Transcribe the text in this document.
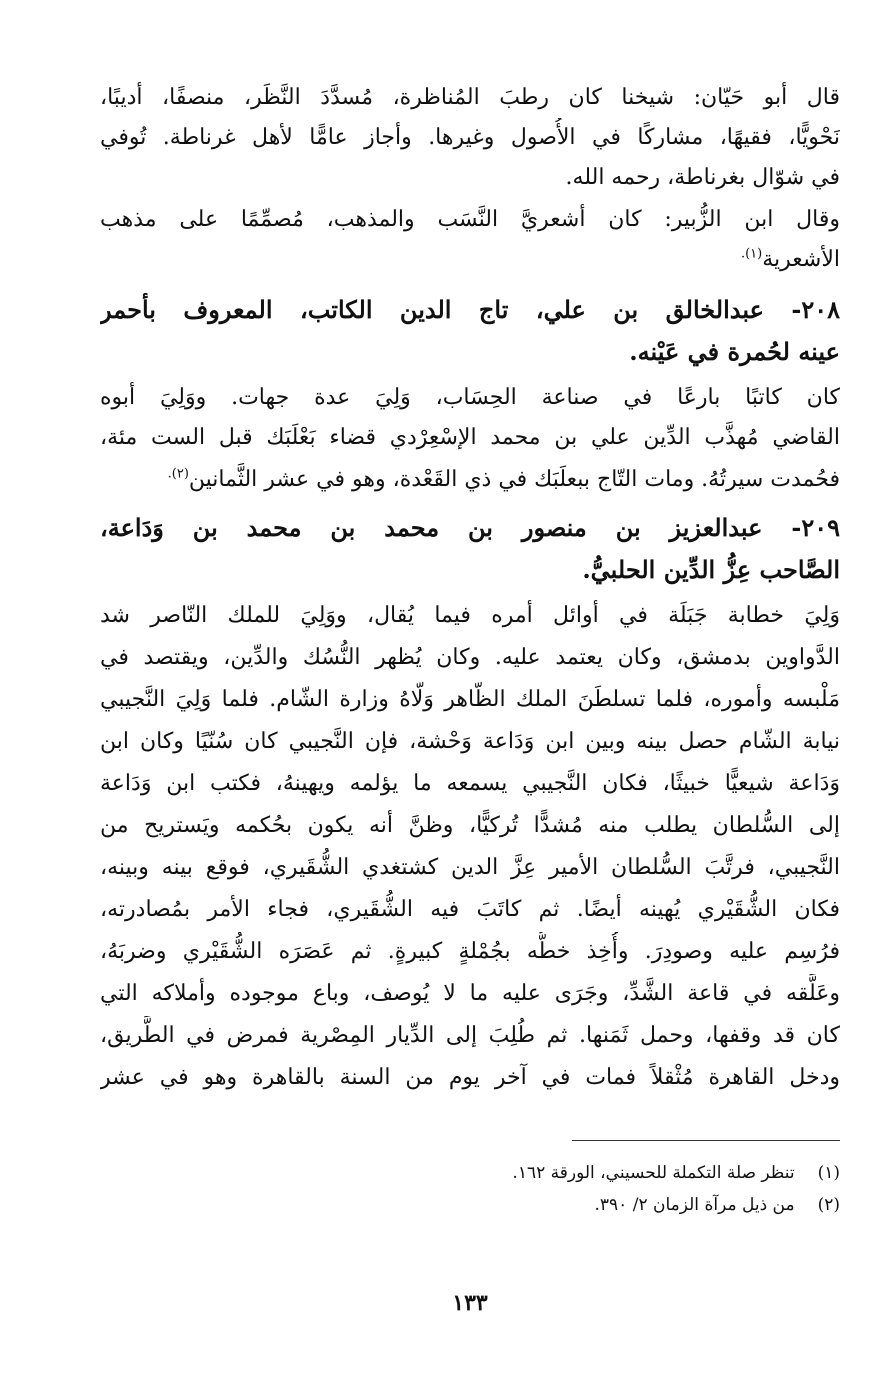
قال أبو حَيّان: شيخنا كان رطبَ المُناظرة، مُسدَّدَ النَّظَر، منصفًا، أديبًا،
نَحْويًّا، فقيهًا، مشاركًا في الأُصول وغيرها. وأجاز عامًّا لأهل غرناطة. تُوفي
في شوّال بغرناطة، رحمه الله.
وقال ابن الزُّبير: كان أشعريَّ النَّسَب والمذهب، مُصمِّمًا على مذهب
الأشعرية$^{(١).}$
٢٠٨- عبدالخالق بن علي، تاج الدين الكاتب، المعروف بأحمر
عينه لحُمرة في عَيْنه.
كان كاتبًا بارعًا في صناعة الحِسَاب، وَلِيَ عدة جهات. ووَلِيَ أبوه
القاضي مُهذَّب الدِّين علي بن محمد الإسْعِرْدي قضاء بَعْلَبَك قبل الست مئة،
فحُمدت سيرتُهُ. ومات التّاج ببعلَبَك في ذي القَعْدة، وهو في عشر الثَّمانين$^{(٢).}$
٢٠٩- عبدالعزيز بن منصور بن محمد بن محمد بن وَدَاعة،
الصَّاحب عِزُّ الدِّين الحلبيُّ.
وَلِيَ خطابة جَبَلَة في أوائل أمره فيما يُقال، ووَلِيَ للملك النّاصر شد
الدَّواوين بدمشق، وكان يعتمد عليه. وكان يُظهر النُّسُك والدِّين، ويقتصد في
مَلْبسه وأموره، فلما تسلطَنَ الملك الظّاهر وَلّاهُ وزارة الشّام. فلما وَلِيَ النَّجيبي
نيابة الشّام حصل بينه وبين ابن وَدَاعة وَحْشة، فإن النَّجيبي كان سُنّيًا وكان ابن
وَدَاعة شيعيًّا خبيثًا، فكان النَّجيبي يسمعه ما يؤلمه ويهينهُ، فكتب ابن وَدَاعة
إلى السُّلطان يطلب منه مُشدًّا تُركيًّا، وظنَّ أنه يكون بحُكمه ويَستريح من
النَّجيبي، فرتَّبَ السُّلطان الأمير عِزَّ الدين كشتغدي الشُّقَيري، فوقع بينه وبينه،
فكان الشُّقَيْري يُهينه أيضًا. ثم كاتَبَ فيه الشُّقَيري، فجاء الأمر بمُصادرته،
فرُسِم عليه وصودِرَ. وأُخِذ خطُّه بجُمْلةٍ كبيرةٍ. ثم عَصَرَه الشُّقَيْري وضربَهُ،
وعَلَّقه في قاعة الشَّدِّ، وجَرَى عليه ما لا يُوصف، وباع موجوده وأملاكه التي
كان قد وقفها، وحمل ثَمَنها. ثم طُلِبَ إلى الدِّيار المِصْرية فمرض في الطَّريق،
ودخل القاهرة مُثْقلاً فمات في آخر يوم من السنة بالقاهرة وهو في عشر
(١) تنظر صلة التكملة للحسيني، الورقة ١٦٢.
(٢) من ذيل مرآة الزمان ٢/ ٣٩٠.
١٣٣
